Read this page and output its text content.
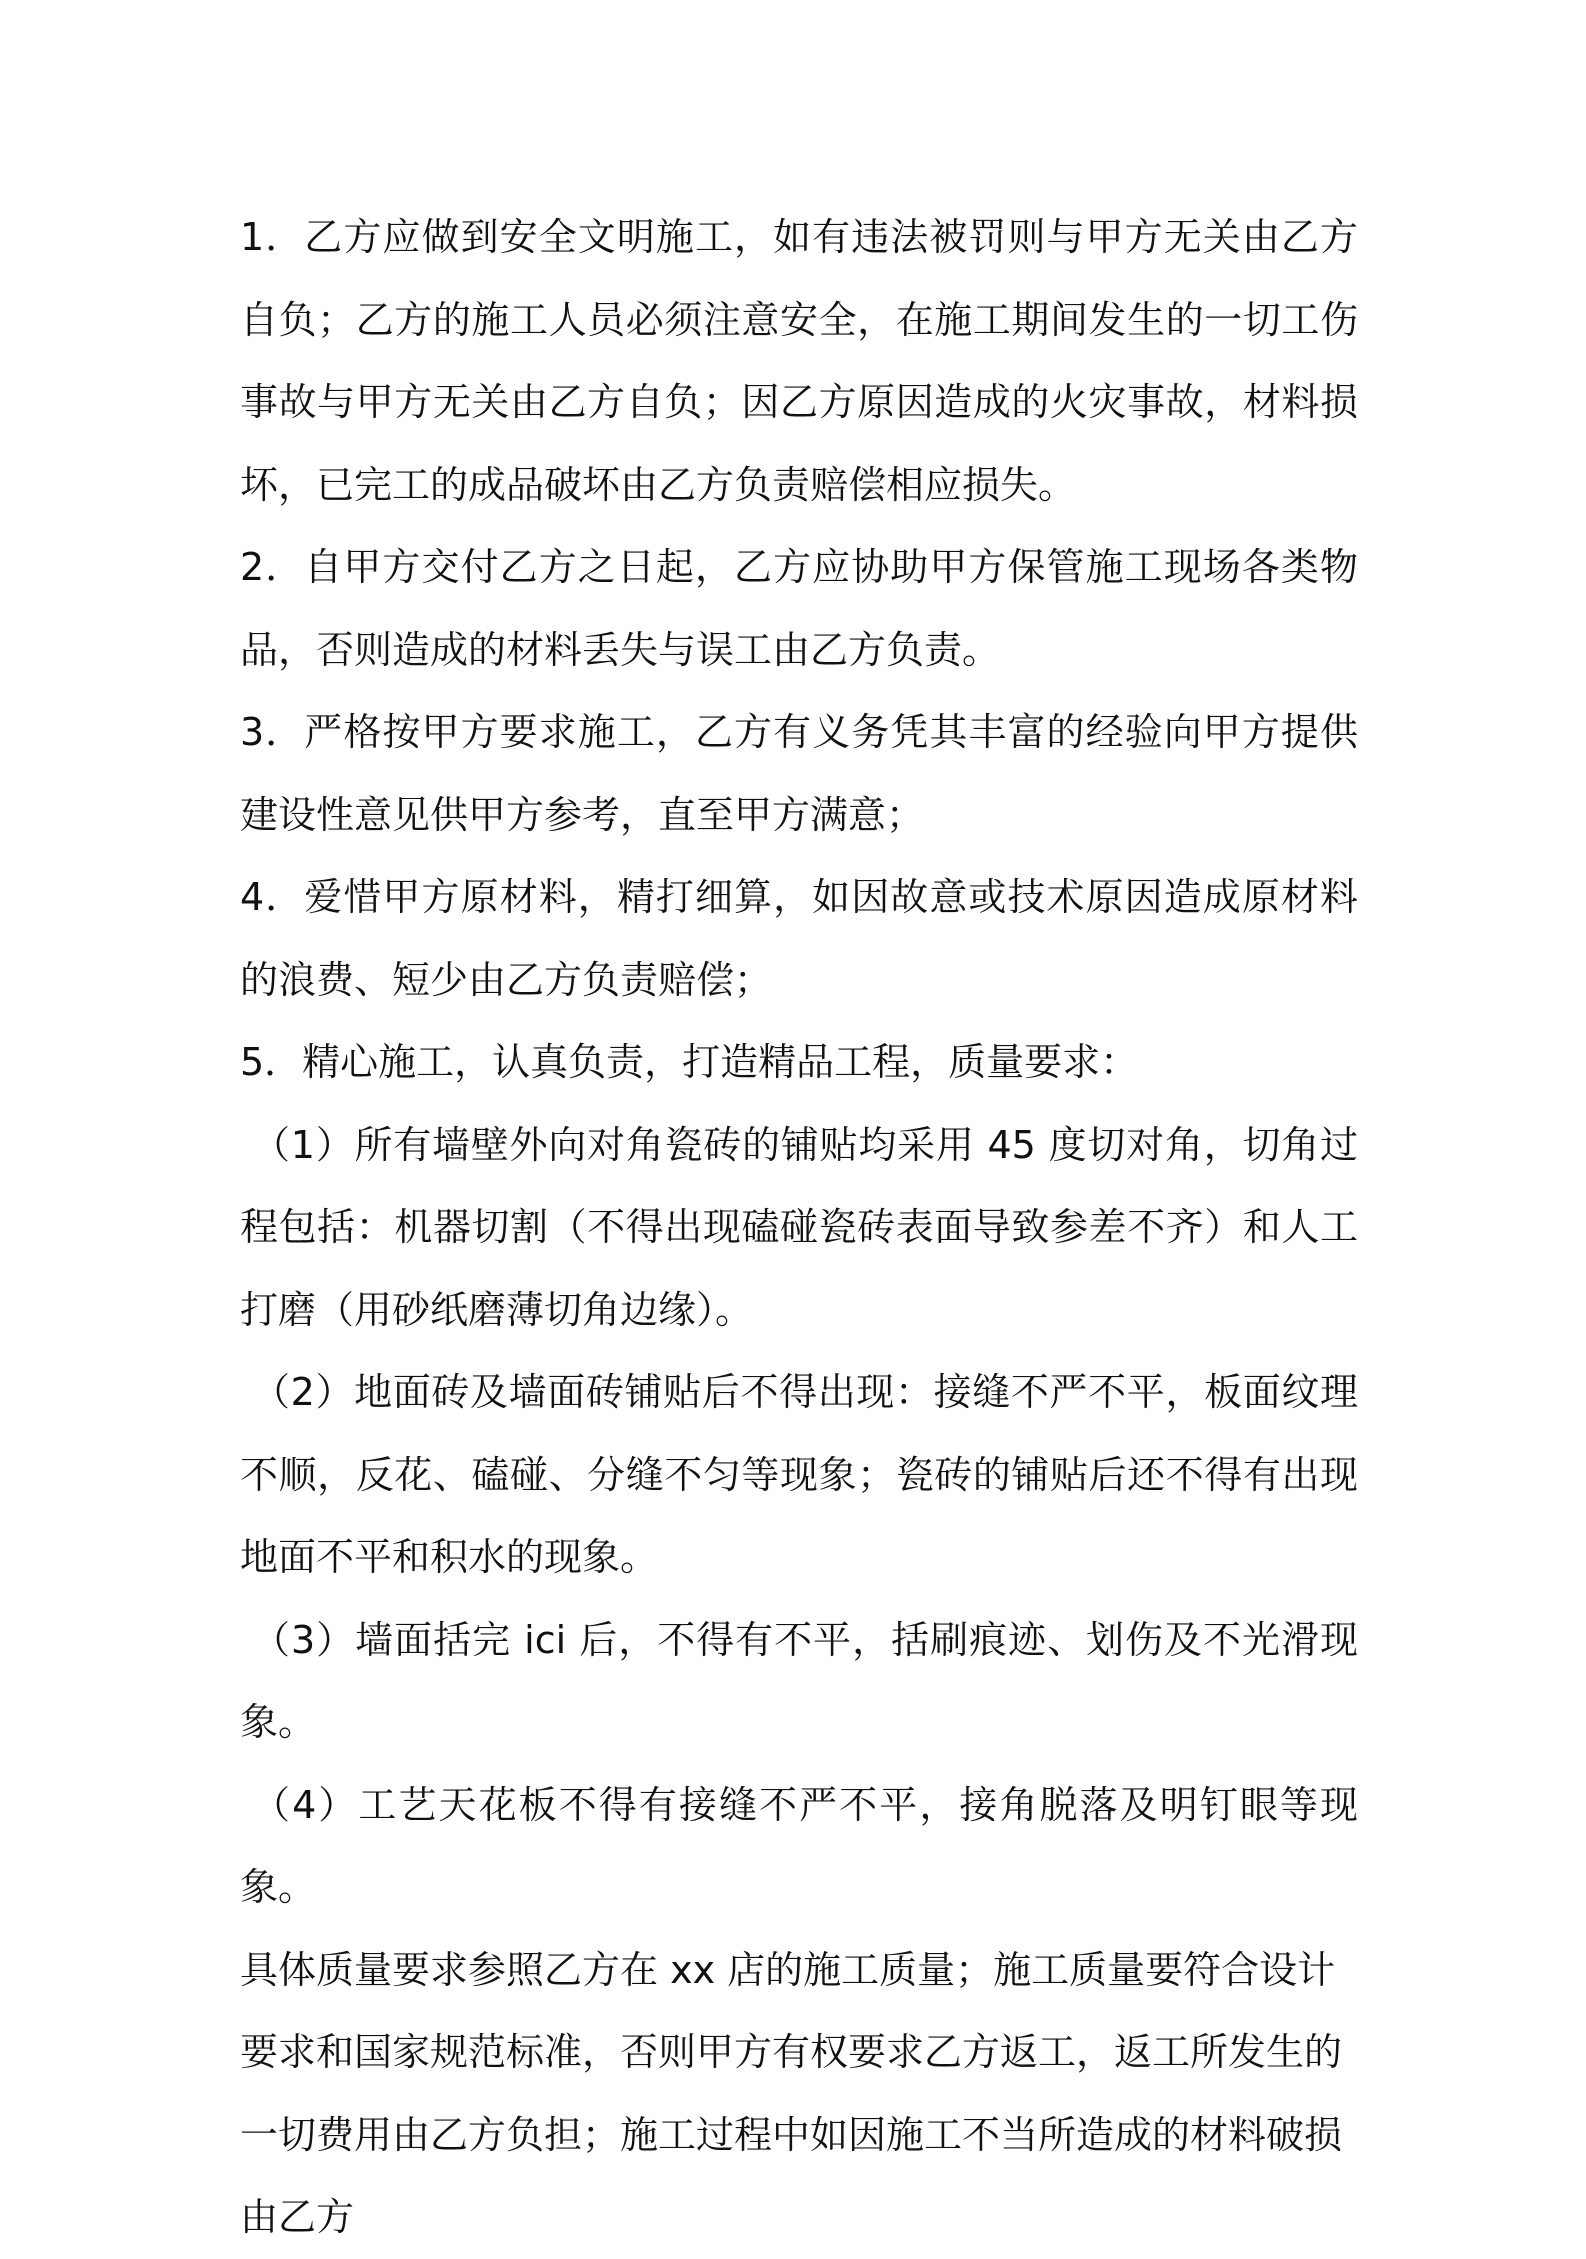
1．乙方应做到安全文明施工，如有违法被罚则与甲方无关由乙方自负；乙方的施工人员必须注意安全，在施工期间发生的一切工伤事故与甲方无关由乙方自负；因乙方原因造成的火灾事故，材料损坏，已完工的成品破坏由乙方负责赔偿相应损失。

2．自甲方交付乙方之日起，乙方应协助甲方保管施工现场各类物品，否则造成的材料丢失与误工由乙方负责。

3．严格按甲方要求施工，乙方有义务凭其丰富的经验向甲方提供建设性意见供甲方参考，直至甲方满意；

4．爱惜甲方原材料，精打细算，如因故意或技术原因造成原材料的浪费、短少由乙方负责赔偿；

5．精心施工，认真负责，打造精品工程，质量要求：

（1）所有墙壁外向对角瓷砖的铺贴均采用 45 度切对角，切角过程包括：机器切割（不得出现磕碰瓷砖表面导致参差不齐）和人工打磨（用砂纸磨薄切角边缘）。

（2）地面砖及墙面砖铺贴后不得出现：接缝不严不平，板面纹理不顺，反花、磕碰、分缝不匀等现象；瓷砖的铺贴后还不得有出现地面不平和积水的现象。

（3）墙面括完 ici 后，不得有不平，括刷痕迹、划伤及不光滑现象。

（4）工艺天花板不得有接缝不严不平，接角脱落及明钉眼等现象。

具体质量要求参照乙方在 xx 店的施工质量；施工质量要符合设计要求和国家规范标准，否则甲方有权要求乙方返工，返工所发生的一切费用由乙方负担；施工过程中如因施工不当所造成的材料破损由乙方
